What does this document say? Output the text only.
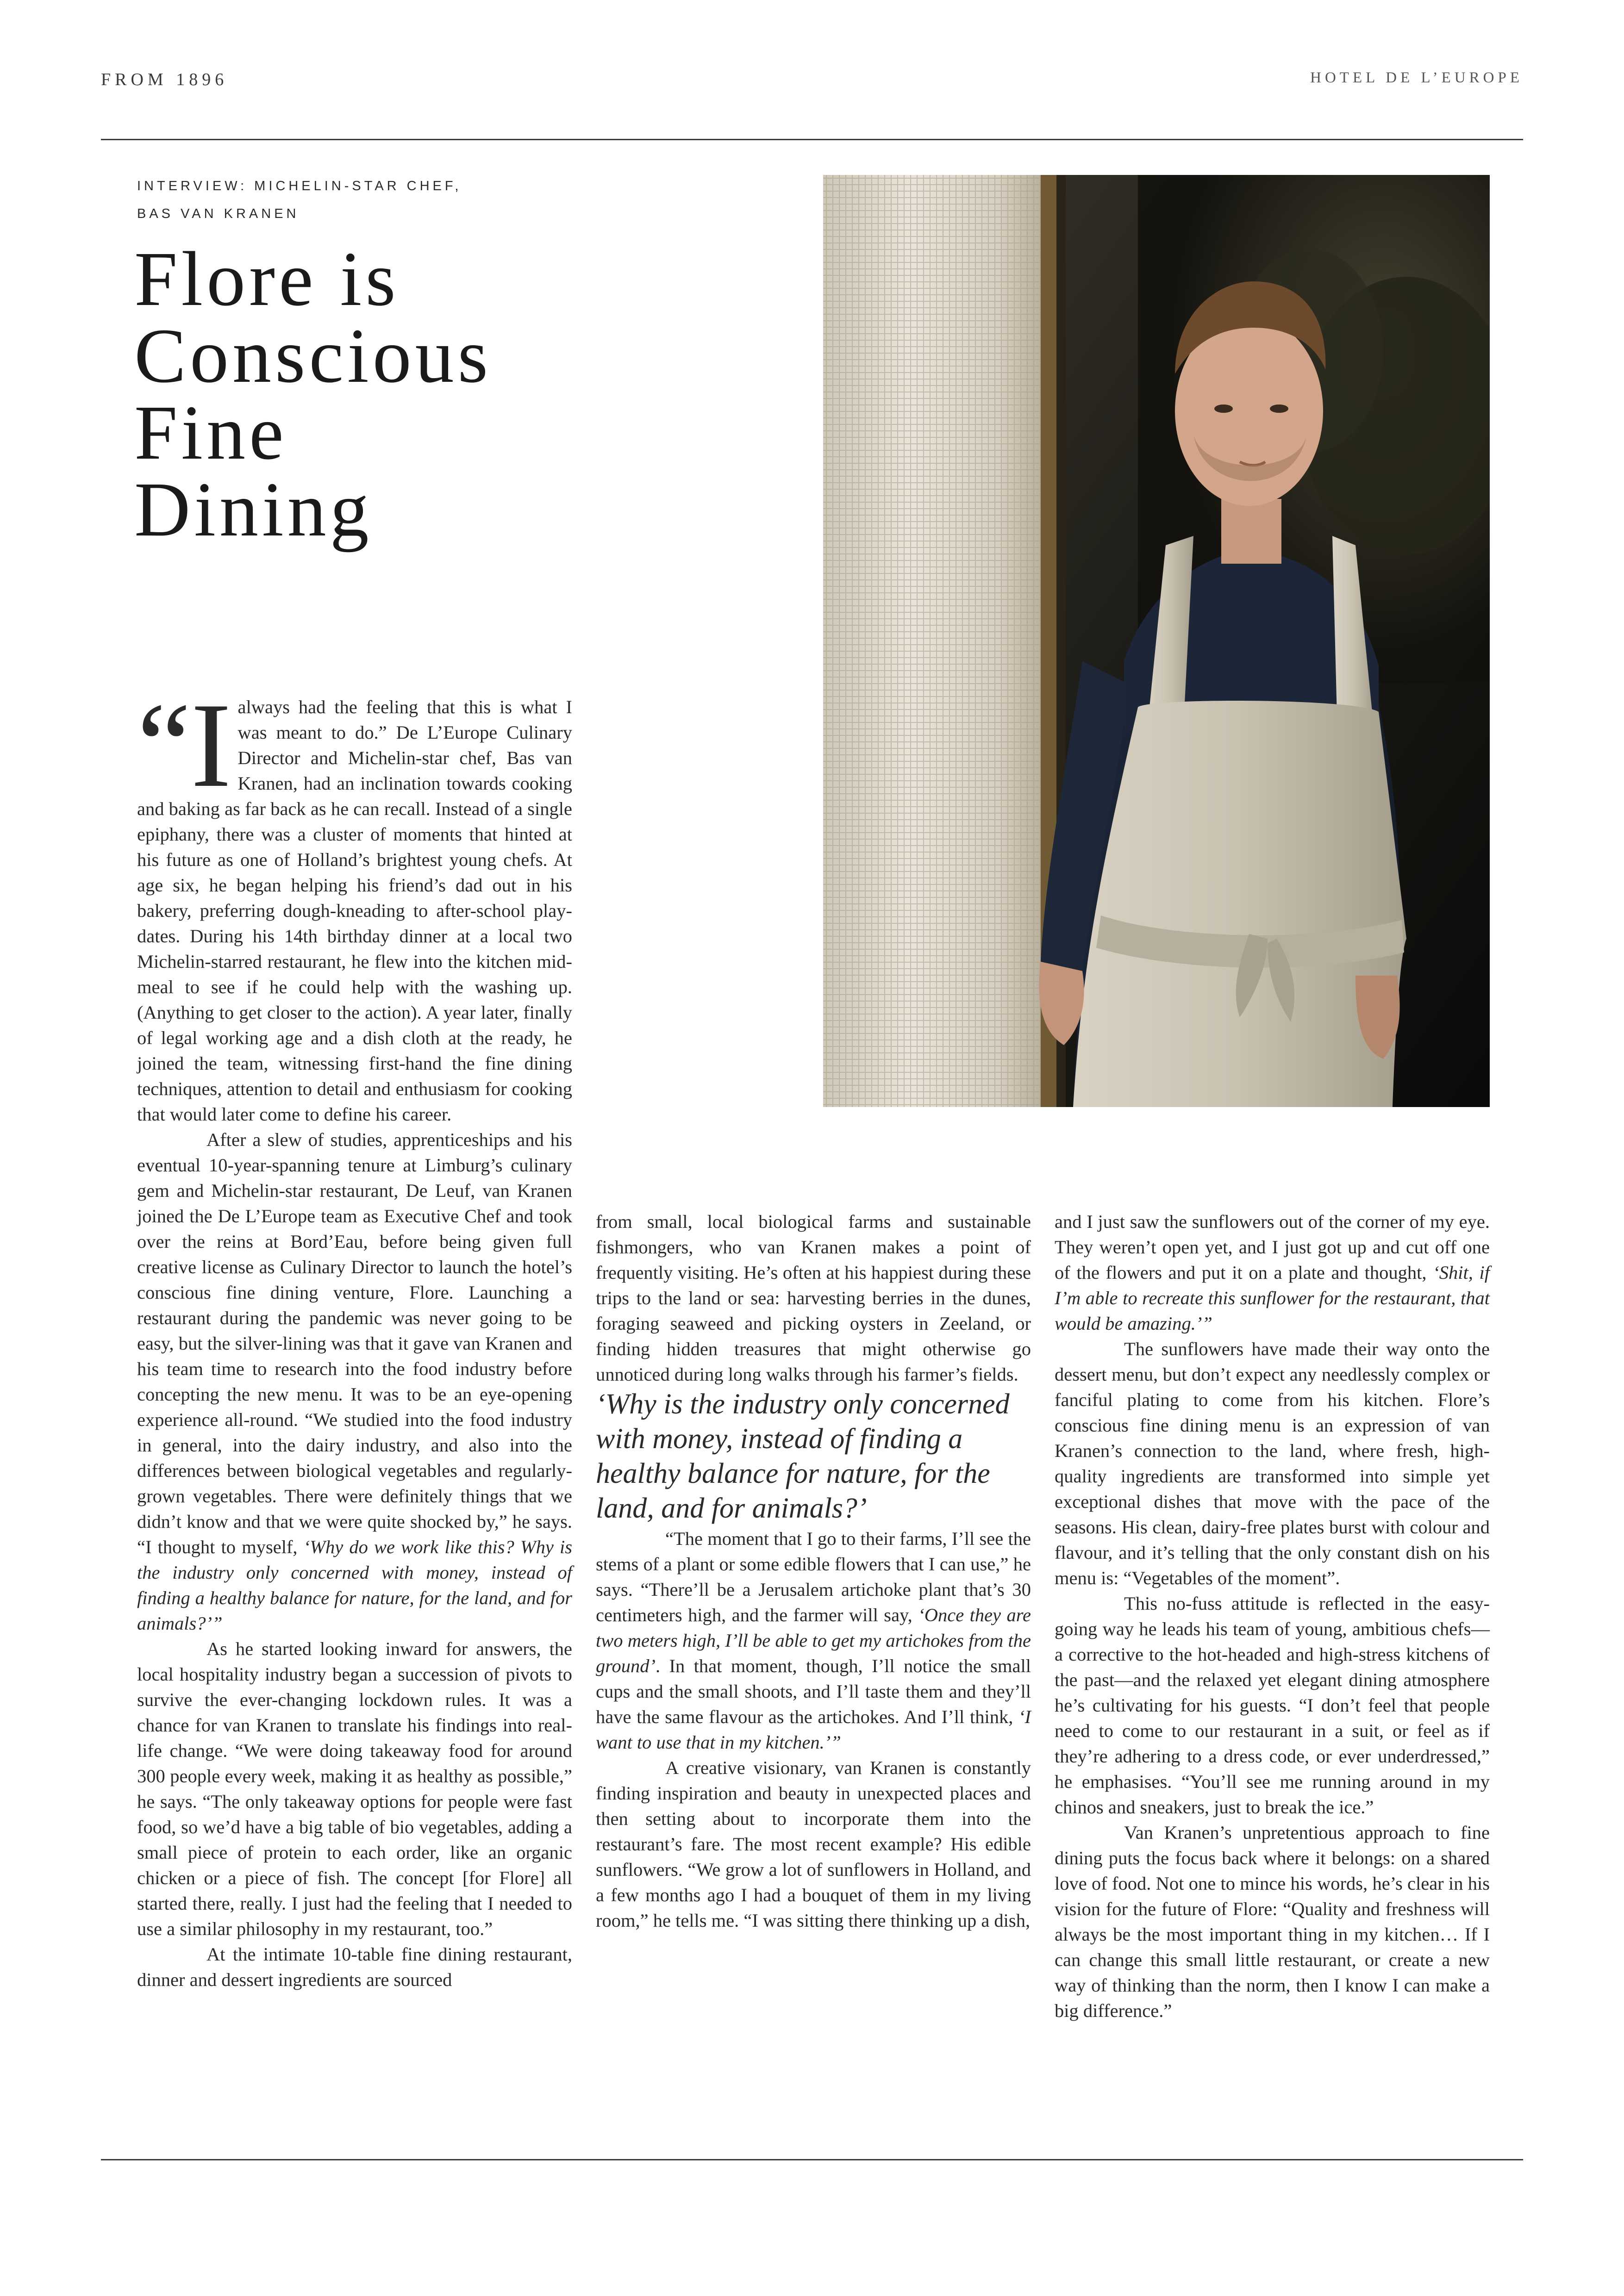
FROM 1896	HOTEL DE L’EUROPE
INTERVIEW: MICHELIN-STAR CHEF,
BAS VAN KRANEN
Flore is
Conscious
Fine
Dining

“Ialways had the feeling that this is what I was meant to do.” De L’Europe Culinary Director and Michelin-star chef, Bas van Kranen, had an inclination towards cooking and baking as far back as he can recall. Instead of a single epiphany, there was a cluster of moments that hinted at his future as one of Holland’s brightest young chefs. At age six, he began helping his friend’s dad out in his bakery, preferring dough-kneading to after-school play-dates. During his 14th birthday dinner at a local two Michelin-starred restaurant, he flew into the kitchen mid-meal to see if he could help with the washing up. (Anything to get closer to the action). A year later, finally of legal working age and a dish cloth at the ready, he joined the team, witnessing first-hand the fine dining techniques, attention to detail and enthusiasm for cooking that would later come to define his career.

After a slew of studies, apprenticeships and his eventual 10-year-spanning tenure at Limburg’s culinary gem and Michelin-star restaurant, De Leuf, van Kranen joined the De L’Europe team as Executive Chef and took over the reins at Bord’Eau, before being given full creative license as Culinary Director to launch the hotel’s conscious fine dining venture, Flore. Launching a restaurant during the pandemic was never going to be easy, but the silver-lining was that it gave van Kranen and his team time to research into the food industry before concepting the new menu. It was to be an eye-opening experience all-round. “We studied into the food industry in general, into the dairy industry, and also into the differences between biological vegetables and regularly-grown vegetables. There were definitely things that we didn’t know and that we were quite shocked by,” he says. “I thought to myself, ‘Why do we work like this? Why is the industry only concerned with money, instead of finding a healthy balance for nature, for the land, and for animals?’”

As he started looking inward for answers, the local hospitality industry began a succession of pivots to survive the ever-changing lockdown rules. It was a chance for van Kranen to translate his findings into real-life change. “We were doing takeaway food for around 300 people every week, making it as healthy as possible,” he says. “The only takeaway options for people were fast food, so we’d have a big table of bio vegetables, adding a small piece of protein to each order, like an organic chicken or a piece of fish. The concept [for Flore] all started there, really. I just had the feeling that I needed to use a similar philosophy in my restaurant, too.”

At the intimate 10-table fine dining restaurant, dinner and dessert ingredients are sourced

from small, local biological farms and sustainable fishmongers, who van Kranen makes a point of frequently visiting. He’s often at his happiest during these trips to the land or sea: harvesting berries in the dunes, foraging seaweed and picking oysters in Zeeland, or finding hidden treasures that might otherwise go unnoticed during long walks through his farmer’s fields.

‘Why is the industry only concerned with money, instead of finding a healthy balance for nature, for the land, and for animals?’

“The moment that I go to their farms, I’ll see the stems of a plant or some edible flowers that I can use,” he says. “There’ll be a Jerusalem artichoke plant that’s 30 centimeters high, and the farmer will say, ‘Once they are two meters high, I’ll be able to get my artichokes from the ground’. In that moment, though, I’ll notice the small cups and the small shoots, and I’ll taste them and they’ll have the same flavour as the artichokes. And I’ll think, ‘I want to use that in my kitchen.’”

A creative visionary, van Kranen is constantly finding inspiration and beauty in unexpected places and then setting about to incorporate them into the restaurant’s fare. The most recent example? His edible sunflowers. “We grow a lot of sunflowers in Holland, and a few months ago I had a bouquet of them in my living room,” he tells me. “I was sitting there thinking up a dish,

and I just saw the sunflowers out of the corner of my eye. They weren’t open yet, and I just got up and cut off one of the flowers and put it on a plate and thought, ‘Shit, if I’m able to recreate this sunflower for the restaurant, that would be amazing.’”

The sunflowers have made their way onto the dessert menu, but don’t expect any needlessly complex or fanciful plating to come from his kitchen. Flore’s conscious fine dining menu is an expression of van Kranen’s connection to the land, where fresh, high-quality ingredients are transformed into simple yet exceptional dishes that move with the pace of the seasons. His clean, dairy-free plates burst with colour and flavour, and it’s telling that the only constant dish on his menu is: “Vegetables of the moment”.

This no-fuss attitude is reflected in the easy-going way he leads his team of young, ambitious chefs—a corrective to the hot-headed and high-stress kitchens of the past—and the relaxed yet elegant dining atmosphere he’s cultivating for his guests. “I don’t feel that people need to come to our restaurant in a suit, or feel as if they’re adhering to a dress code, or ever underdressed,” he emphasises. “You’ll see me running around in my chinos and sneakers, just to break the ice.”

Van Kranen’s unpretentious approach to fine dining puts the focus back where it belongs: on a shared love of food. Not one to mince his words, he’s clear in his vision for the future of Flore: “Quality and freshness will always be the most important thing in my kitchen… If I can change this small little restaurant, or create a new way of thinking than the norm, then I know I can make a big difference.”
